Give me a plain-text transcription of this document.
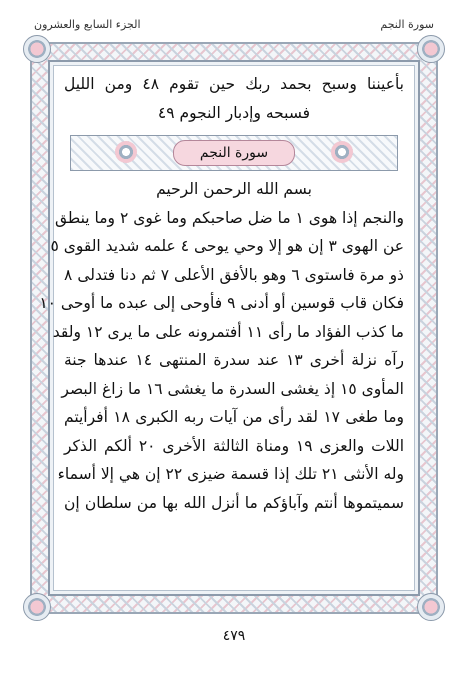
سورة النجم
الجزء السابع والعشرون
بأعيننا وسبح بحمد ربك حين تقوم ٤٨ ومن الليل
فسبحه وإدبار النجوم ٤٩
سورة النجم
بسم الله الرحمن الرحيم
والنجم إذا هوى ١ ما ضل صاحبكم وما غوى ٢ وما ينطق
عن الهوى ٣ إن هو إلا وحي يوحى ٤ علمه شديد القوى ٥
ذو مرة فاستوى ٦ وهو بالأفق الأعلى ٧ ثم دنا فتدلى ٨
فكان قاب قوسين أو أدنى ٩ فأوحى إلى عبده ما أوحى ١٠
ما كذب الفؤاد ما رأى ١١ أفتمرونه على ما يرى ١٢ ولقد
رآه نزلة أخرى ١٣ عند سدرة المنتهى ١٤ عندها جنة
المأوى ١٥ إذ يغشى السدرة ما يغشى ١٦ ما زاغ البصر
وما طغى ١٧ لقد رأى من آيات ربه الكبرى ١٨ أفرأيتم
اللات والعزى ١٩ ومناة الثالثة الأخرى ٢٠ ألكم الذكر
وله الأنثى ٢١ تلك إذا قسمة ضيزى ٢٢ إن هي إلا أسماء
سميتموها أنتم وآباؤكم ما أنزل الله بها من سلطان إن
٤٧٩
